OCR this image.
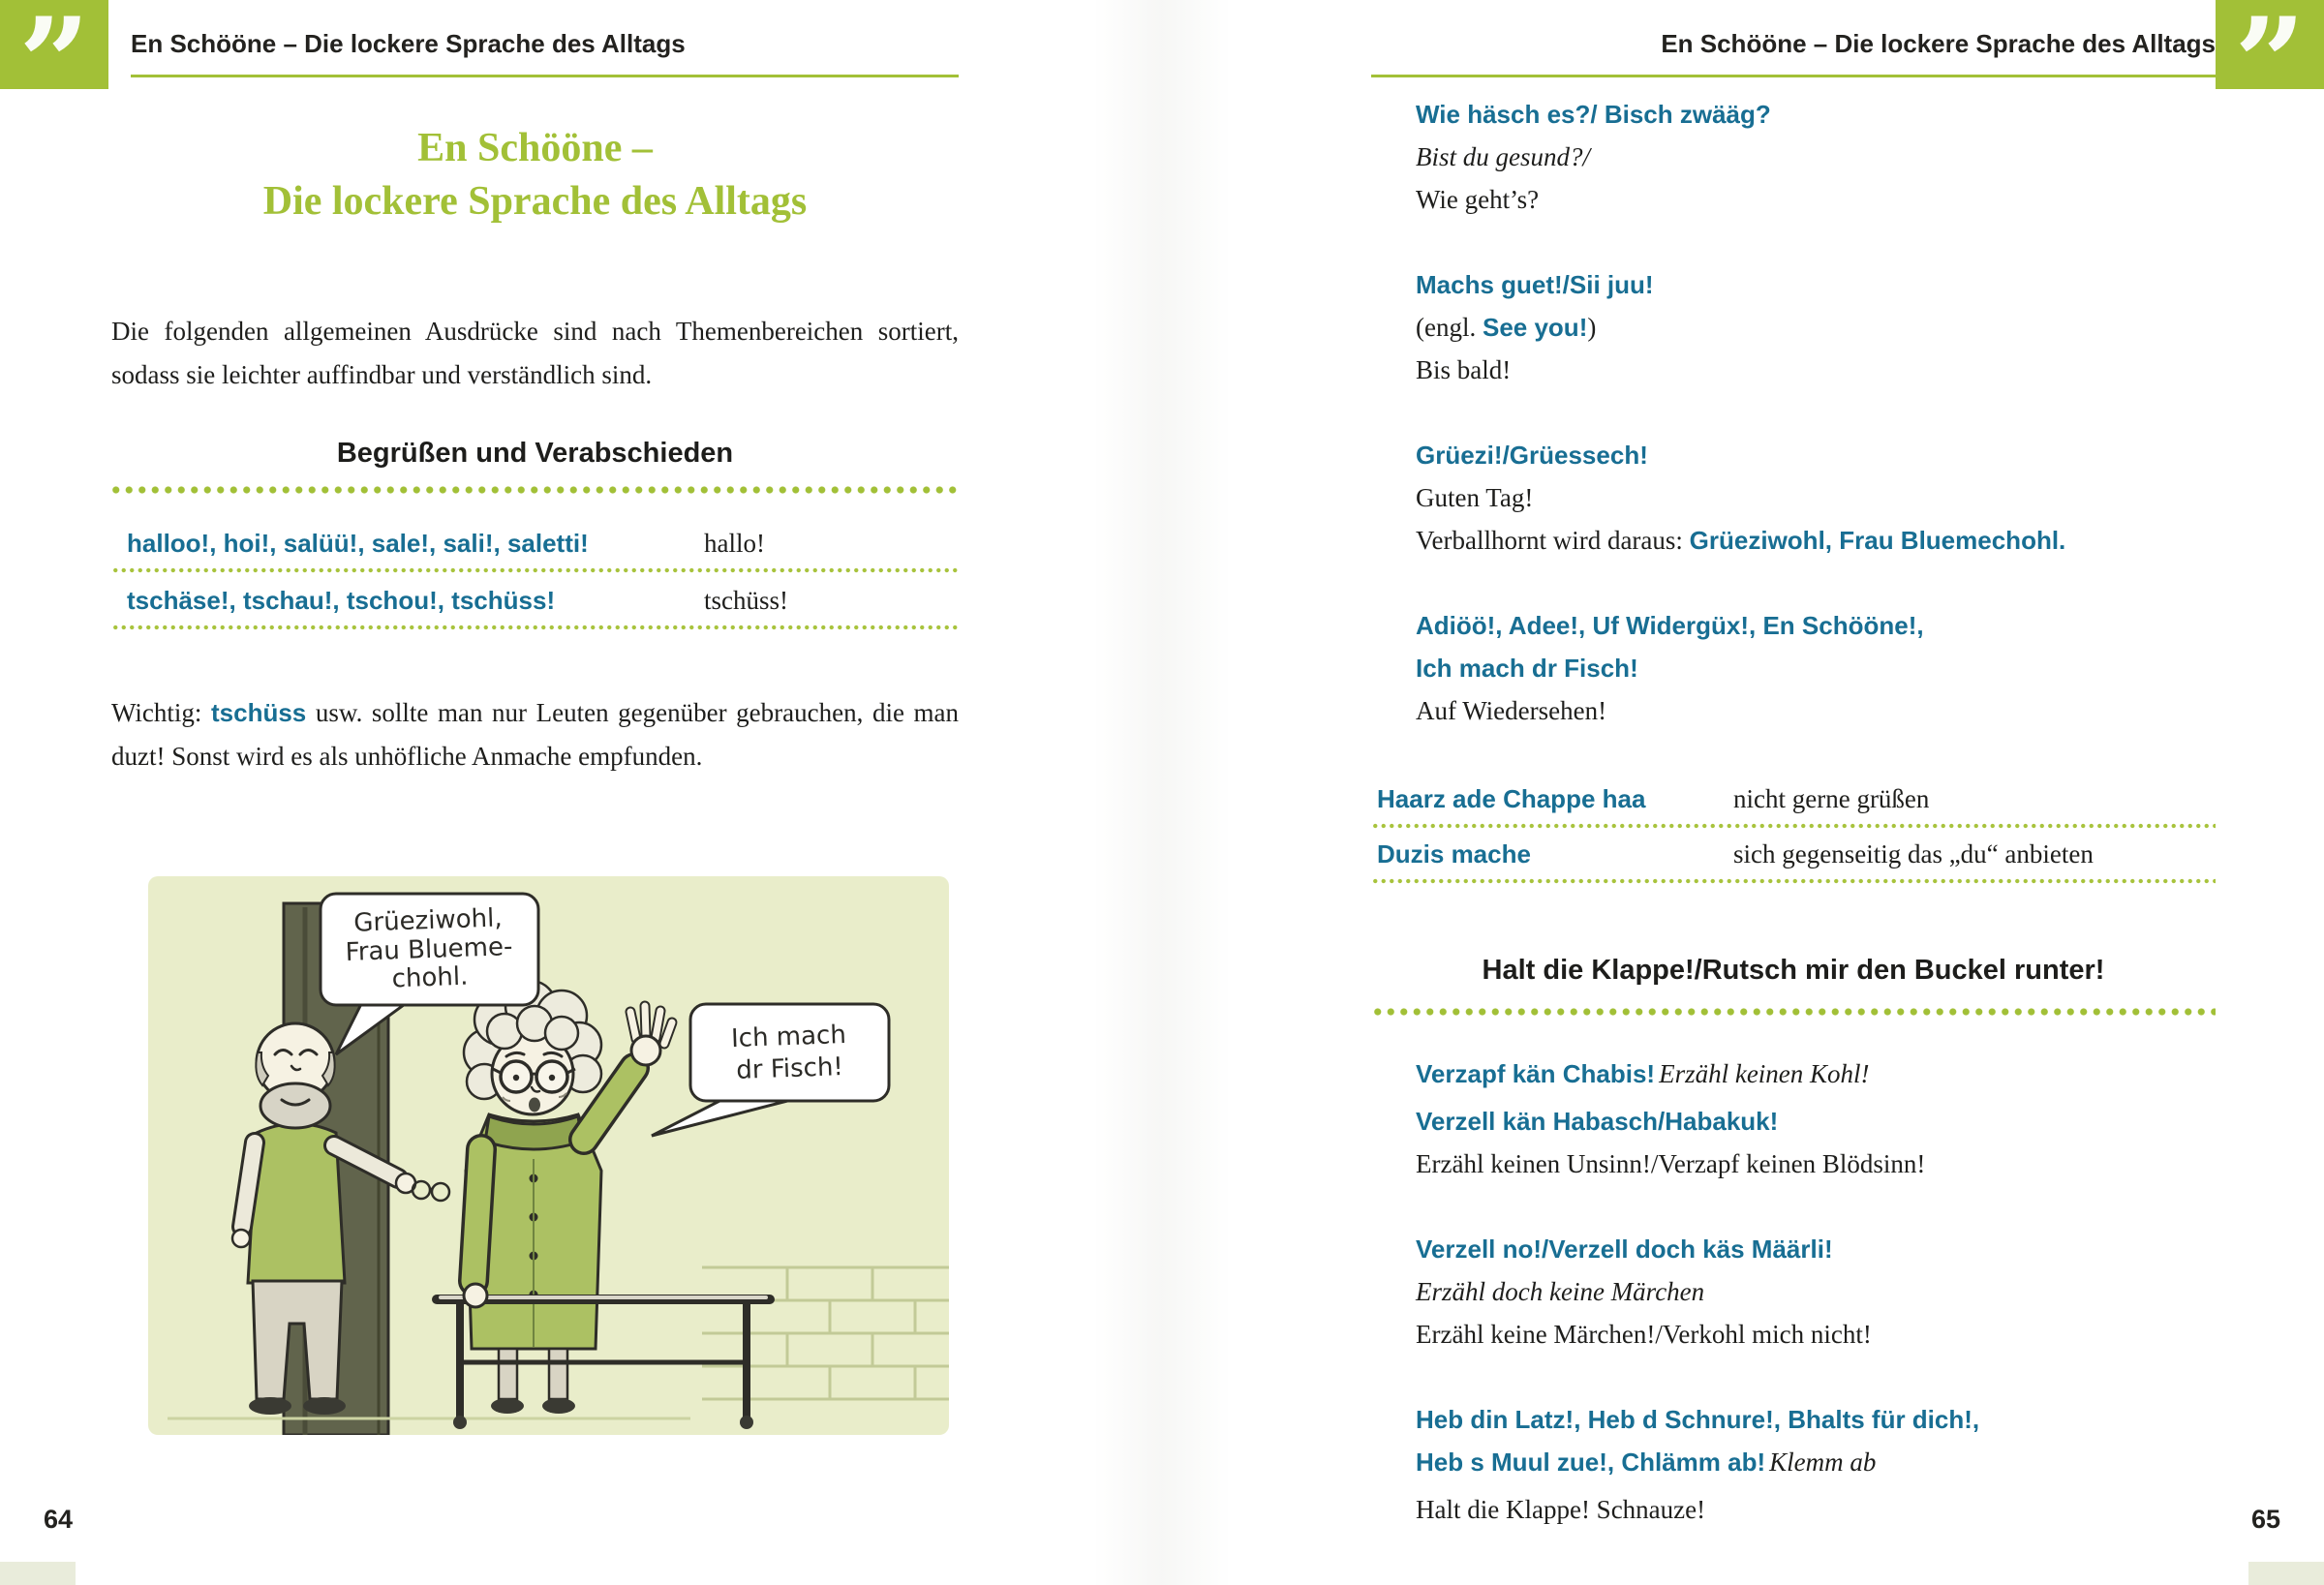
”	En Schööne – Die lockere Sprache des Alltags
En Schööne –
Die lockere Sprache des Alltags

Die folgenden allgemeinen Ausdrücke sind nach Themenbereichen sortiert, sodass sie leichter auffindbar und verständlich sind.

Begrüßen und Verabschieden
halloo!, hoi!, salüü!, sale!, sali!, saletti!	hallo!
tschäse!, tschau!, tschou!, tschüss!	tschüss!

Wichtig: tschüss usw. sollte man nur Leuten gegenüber gebrauchen, die man duzt! Sonst wird es als unhöfliche Anmache empfunden.

Grüeziwohl,
Frau Blueme-
chohl.
Ich mach
dr Fisch!
64
”
En Schööne – Die lockere Sprache des Alltags

Wie häsch es?/ Bisch zwääg?

Bist du gesund?/

Wie geht’s?

Machs guet!/Sii juu!

(engl. See you!)

Bis bald!

Grüezi!/Grüessech!

Guten Tag!

Verballhornt wird daraus: Grüeziwohl, Frau Bluemechohl.

Adiöö!, Adee!, Uf Widergüx!, En Schööne!,

Ich mach dr Fisch!

Auf Wiedersehen!

Haarz ade Chappe haa	nicht gerne grüßen
Duzis mache	sich gegenseitig das „du“ anbieten
Halt die Klappe!/Rutsch mir den Buckel runter!

Verzapf kän Chabis! Erzähl keinen Kohl!

Verzell kän Habasch/Habakuk!

Erzähl keinen Unsinn!/Verzapf keinen Blödsinn!

Verzell no!/Verzell doch käs Määrli!

Erzähl doch keine Märchen

Erzähl keine Märchen!/Verkohl mich nicht!

Heb din Latz!, Heb d Schnure!, Bhalts für dich!,

Heb s Muul zue!, Chlämm ab! Klemm ab

Halt die Klappe! Schnauze!	65
